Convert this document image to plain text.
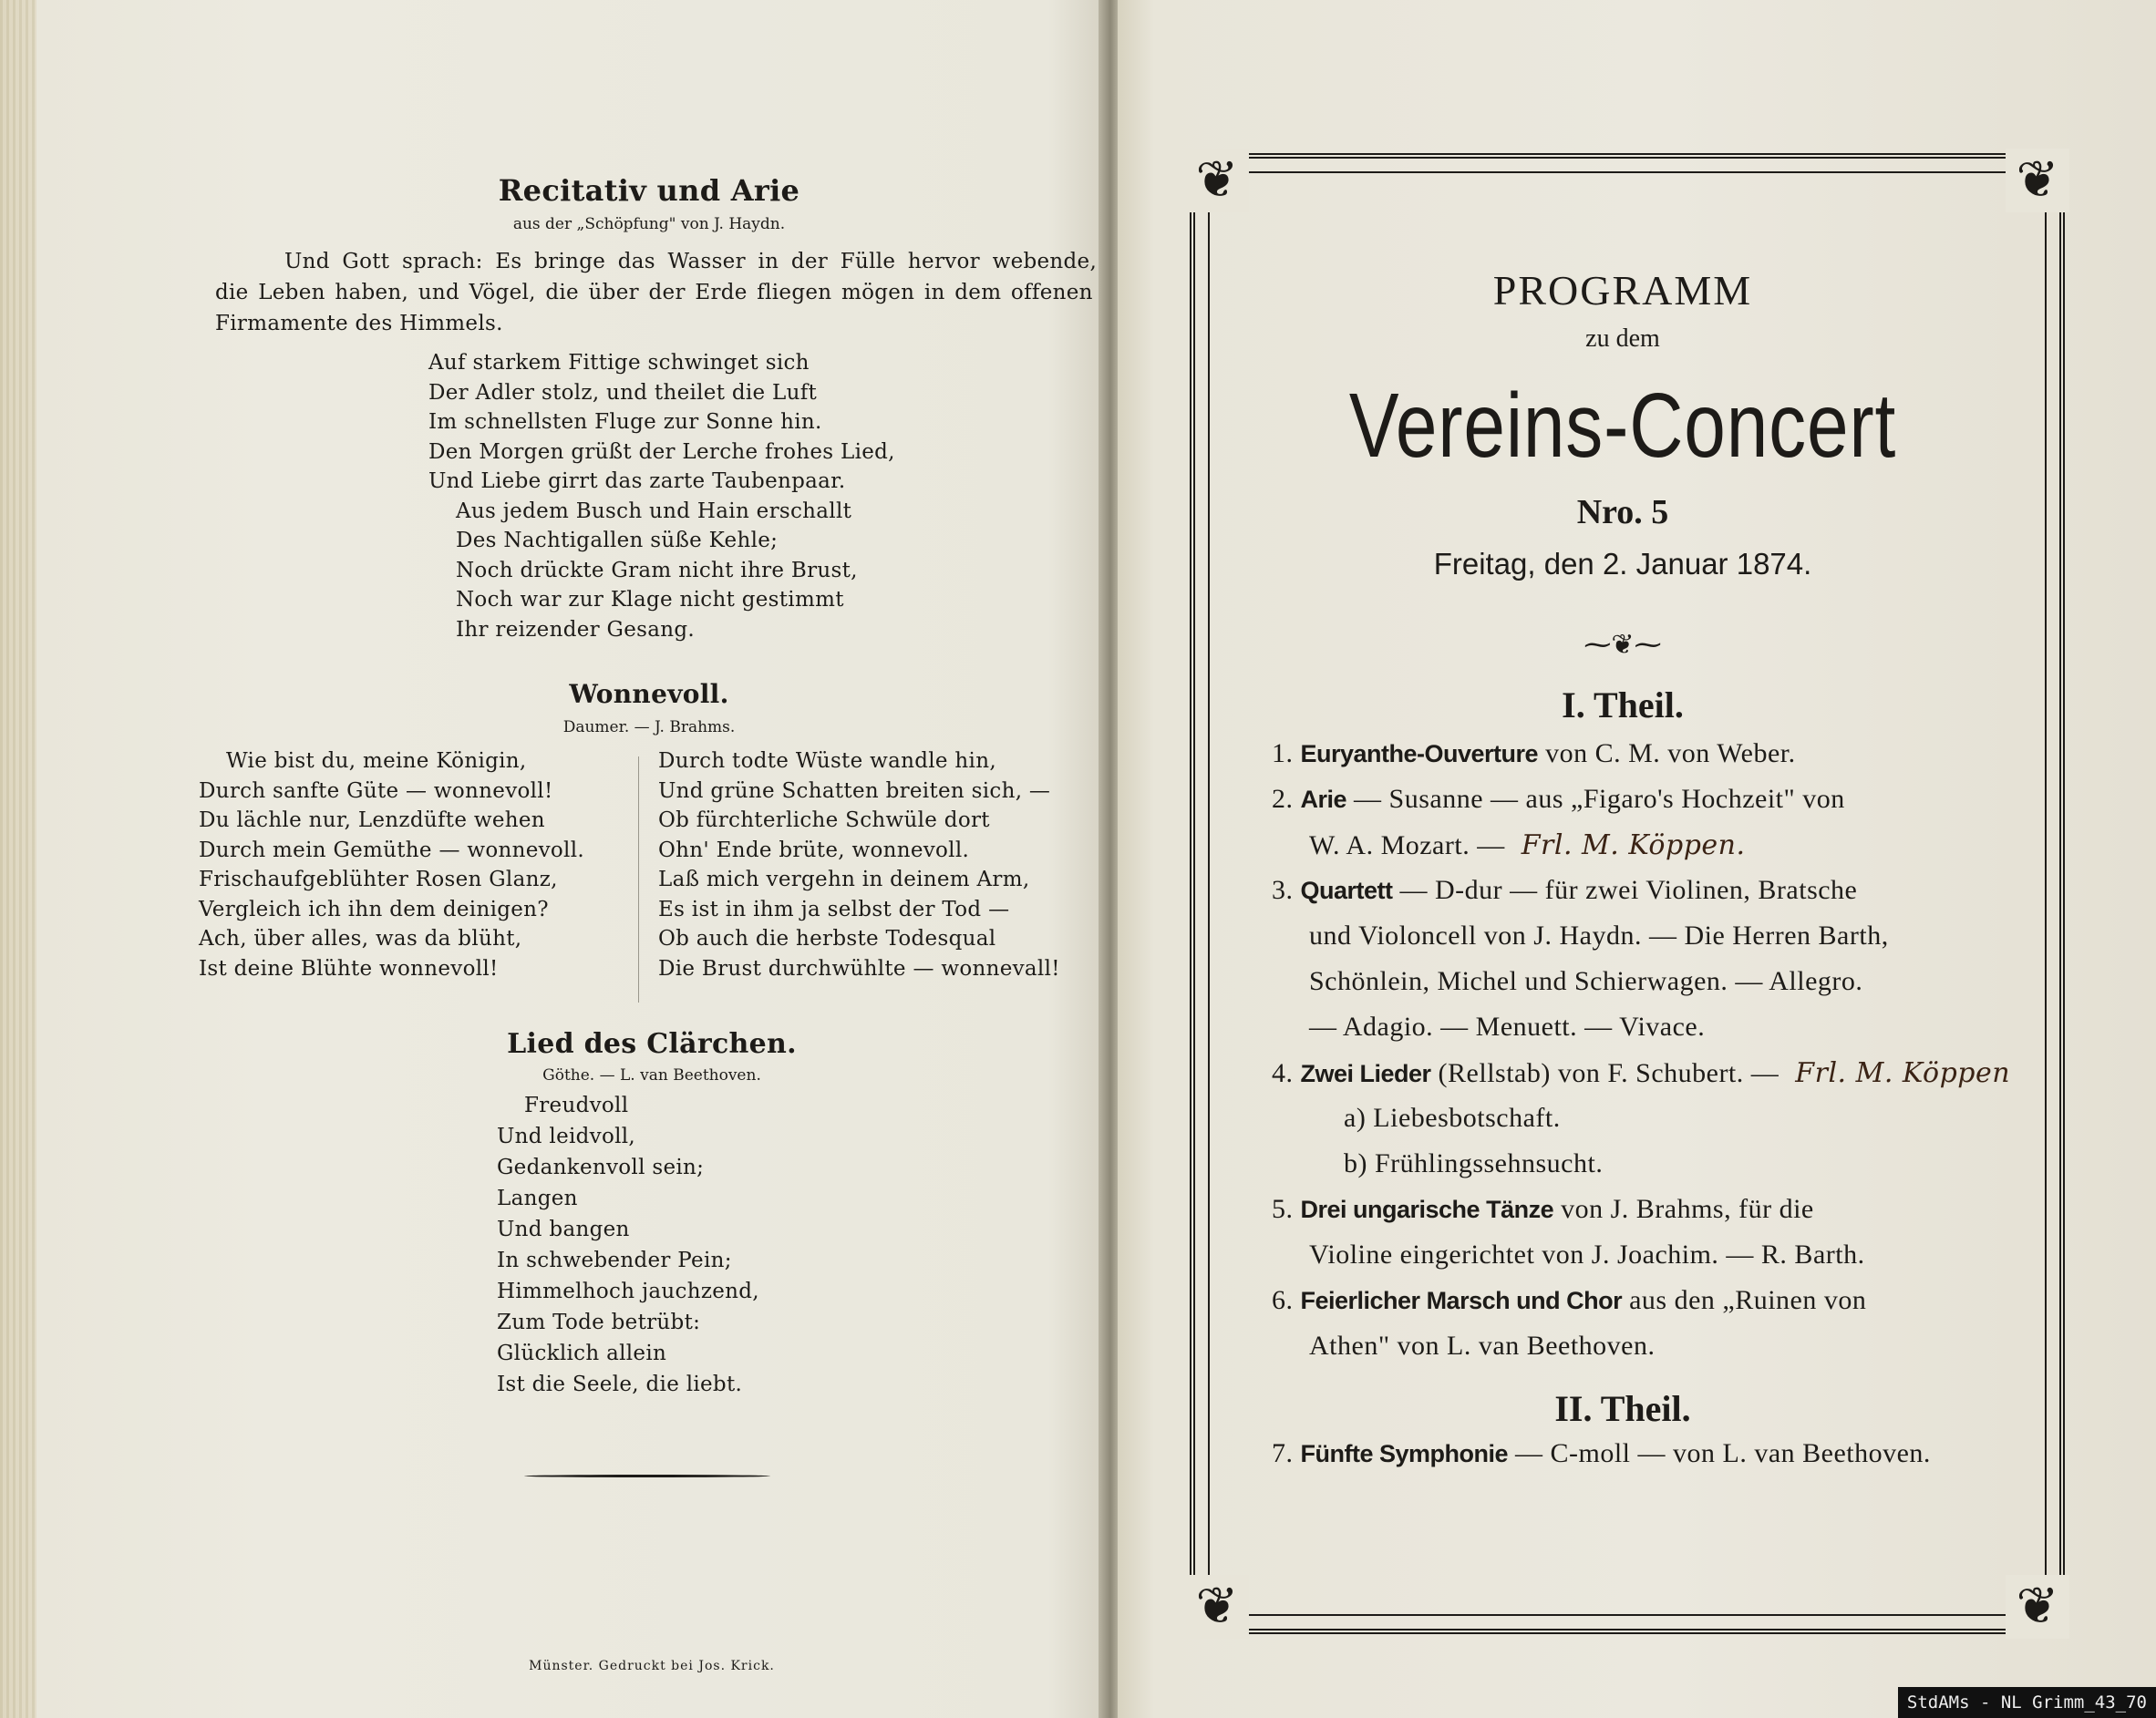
Recitativ und Arie
aus der „Schöpfung" von J. Haydn.
Und Gott sprach: Es bringe das Wasser in der Fülle hervor webende,
die Leben haben, und Vögel, die über der Erde fliegen mögen in dem offenen
Firmamente des Himmels.
Auf starkem Fittige schwinget sich
Der Adler stolz, und theilet die Luft
Im schnellsten Fluge zur Sonne hin.
Den Morgen grüßt der Lerche frohes Lied,
Und Liebe girrt das zarte Taubenpaar.
Aus jedem Busch und Hain erschallt
Des Nachtigallen süße Kehle;
Noch drückte Gram nicht ihre Brust,
Noch war zur Klage nicht gestimmt
Ihr reizender Gesang.
Wonnevoll.
Daumer. — J. Brahms.
Wie bist du, meine Königin,
Durch sanfte Güte — wonnevoll!
Du lächle nur, Lenzdüfte wehen
Durch mein Gemüthe — wonnevoll.
Frischaufgeblühter Rosen Glanz,
Vergleich ich ihn dem deinigen?
Ach, über alles, was da blüht,
Ist deine Blühte wonnevoll!
Durch todte Wüste wandle hin,
Und grüne Schatten breiten sich, —
Ob fürchterliche Schwüle dort
Ohn' Ende brüte, wonnevoll.
Laß mich vergehn in deinem Arm,
Es ist in ihm ja selbst der Tod —
Ob auch die herbste Todesqual
Die Brust durchwühlte — wonnevall!
Lied des Clärchen.
Göthe. — L. van Beethoven.
Freudvoll
Und leidvoll,
Gedankenvoll sein;
Langen
Und bangen
In schwebender Pein;
Himmelhoch jauchzend,
Zum Tode betrübt:
Glücklich allein
Ist die Seele, die liebt.
Münster. Gedruckt bei Jos. Krick.
❦	❦
❦	❦
PROGRAMM
zu dem
Vereins-Concert
Nro. 5
Freitag, den 2. Januar 1874.
⁓❦⁓
I. Theil.
1. Euryanthe-Ouverture von C. M. von Weber.
2. Arie — Susanne — aus „Figaro's Hochzeit" von
W. A. Mozart. — Frl. M. Köppen.
3. Quartett — D-dur — für zwei Violinen, Bratsche
und Violoncell von J. Haydn. — Die Herren Barth,
Schönlein, Michel und Schierwagen. — Allegro.
— Adagio. — Menuett. — Vivace.
4. Zwei Lieder (Rellstab) von F. Schubert. — Frl. M. Köppen
a) Liebesbotschaft.
b) Frühlingssehnsucht.
5. Drei ungarische Tänze von J. Brahms, für die
Violine eingerichtet von J. Joachim. — R. Barth.
6. Feierlicher Marsch und Chor aus den „Ruinen von
Athen" von L. van Beethoven.
7. Fünfte Symphonie — C-moll — von L. van Beethoven.
II. Theil.
StdAMs - NL Grimm_43_70
